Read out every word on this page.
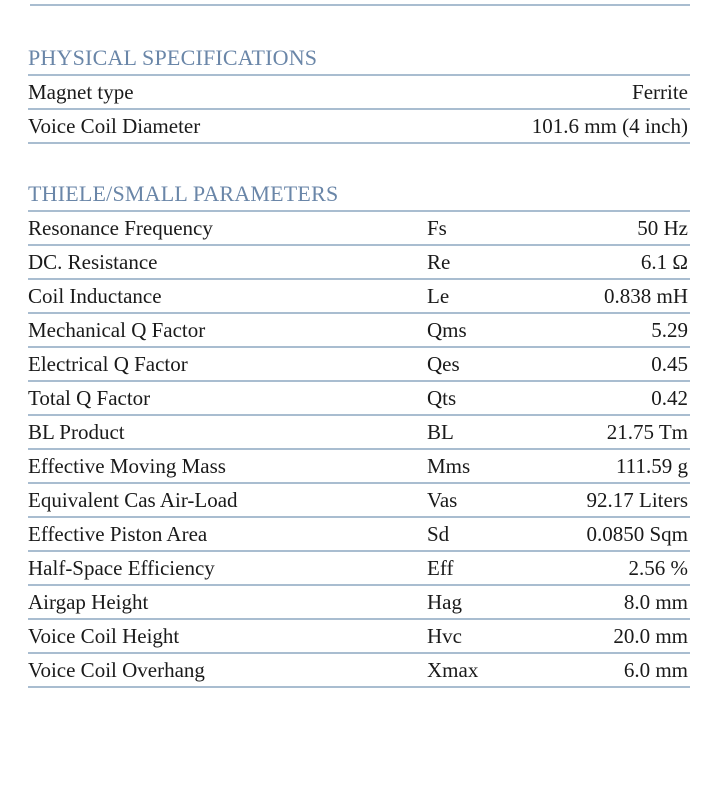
PHYSICAL SPECIFICATIONS
Magnet type	Ferrite
Voice Coil Diameter	101.6 mm (4 inch)
THIELE/SMALL PARAMETERS
Resonance Frequency	Fs	50 Hz
DC. Resistance	Re	6.1 Ω
Coil Inductance	Le	0.838 mH
Mechanical Q Factor	Qms	5.29
Electrical Q Factor	Qes	0.45
Total Q Factor	Qts	0.42
BL Product	BL	21.75 Tm
Effective Moving Mass	Mms	111.59 g
Equivalent Cas Air-Load	Vas	92.17 Liters
Effective Piston Area	Sd	0.0850 Sqm
Half-Space Efficiency	Eff	2.56 %
Airgap Height	Hag	8.0 mm
Voice Coil Height	Hvc	20.0 mm
Voice Coil Overhang	Xmax	6.0 mm
